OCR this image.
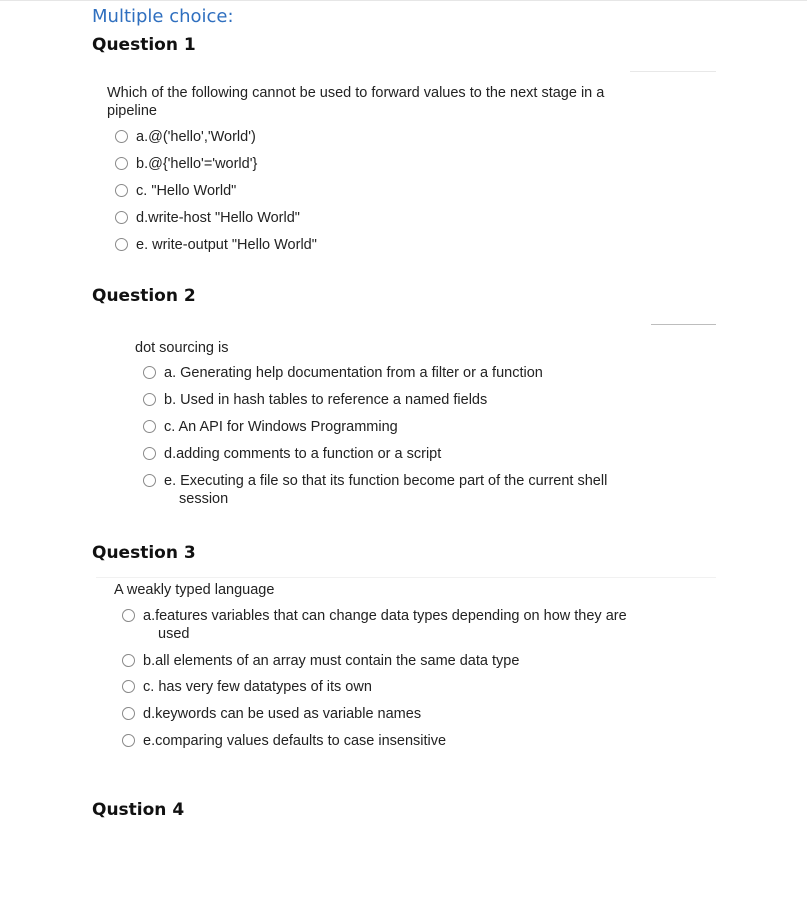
Multiple choice:
Question 1
Which of the following cannot be used to forward values to the next stage in a
pipeline
a.@('hello','World')
b.@{'hello'='world'}
c. "Hello World"
d.write-host "Hello World"
e. write-output "Hello World"
Question 2
dot sourcing is
a. Generating help documentation from a filter or a function
b. Used in hash tables to reference a named fields
c. An API for Windows Programming
d.adding comments to a function or a script
e. Executing a file so that its function become part of the current shell
session
Question 3
A weakly typed language
a.features variables that can change data types depending on how they are
used
b.all elements of an array must contain the same data type
c. has very few datatypes of its own
d.keywords can be used as variable names
e.comparing values defaults to case insensitive
Qustion 4
